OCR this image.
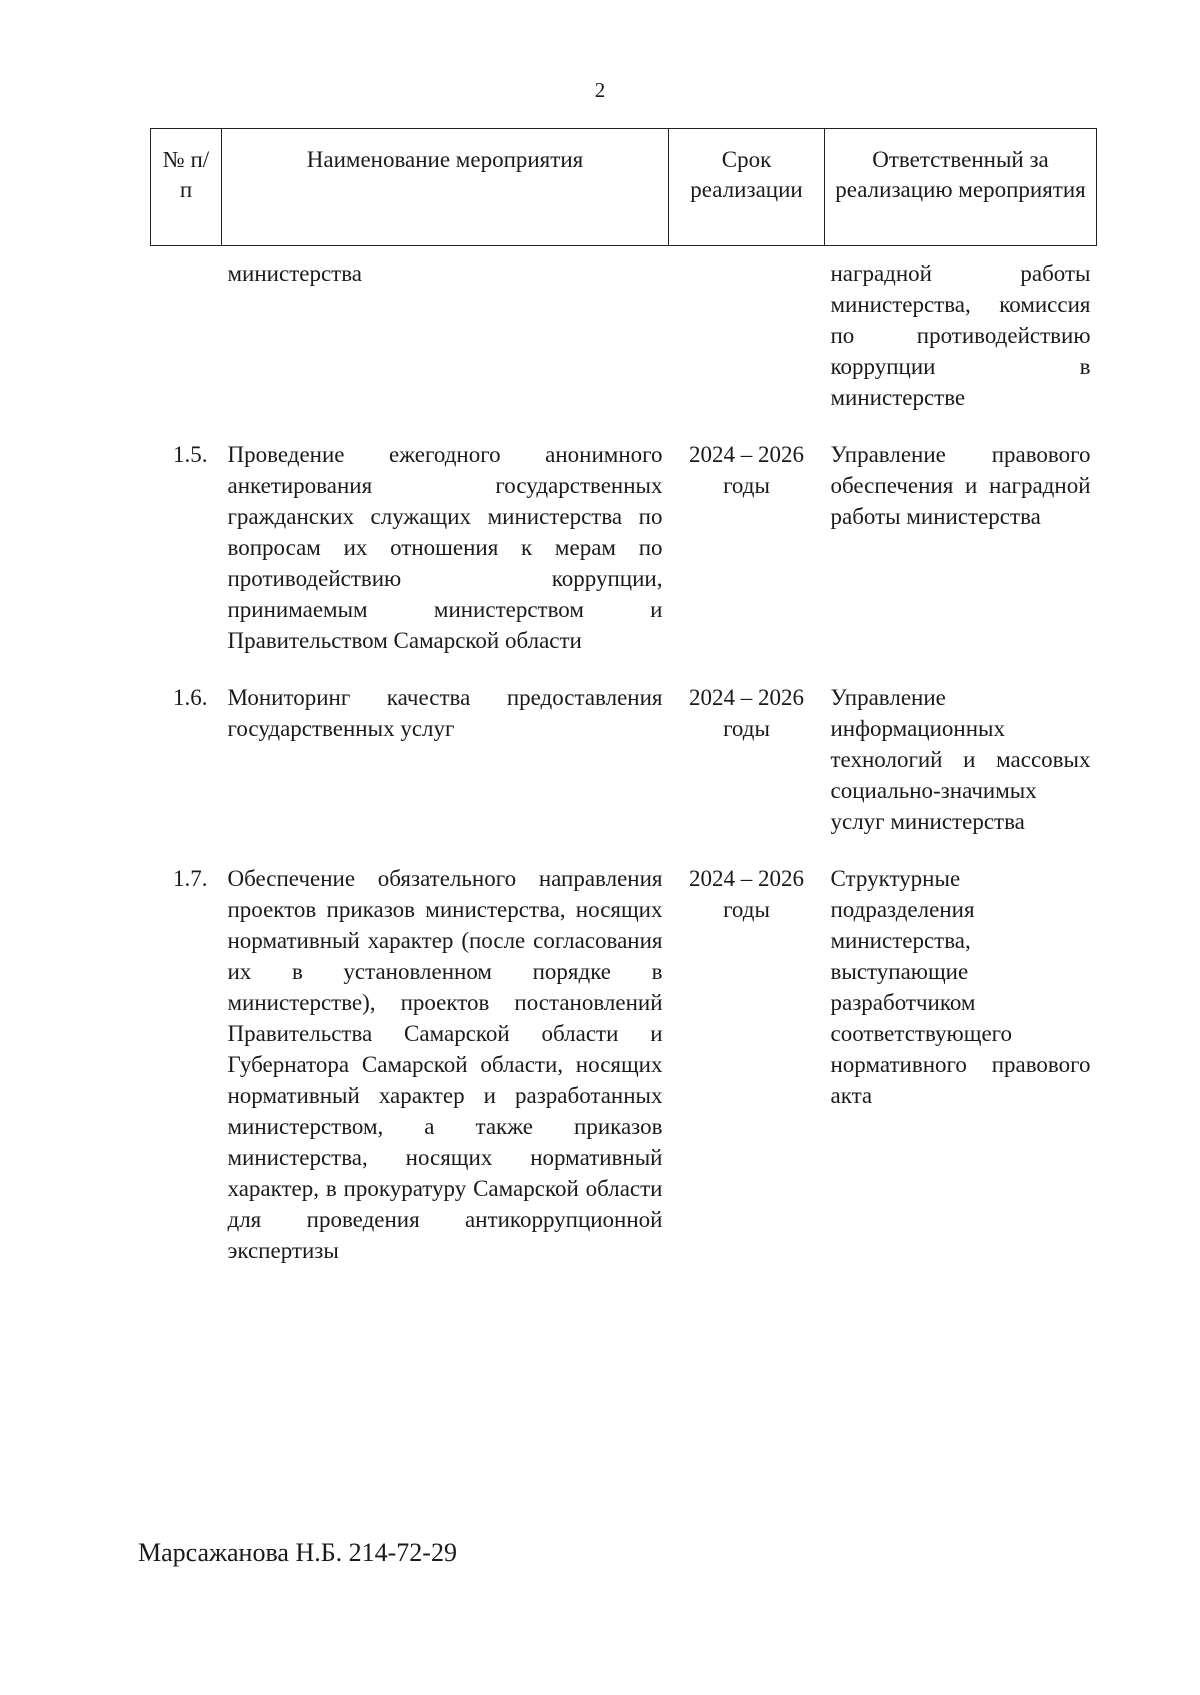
2
№ п/п	Наименование мероприятия	Срок реализации	Ответственный за реализацию мероприятия
	министерства		наградной работы министерства, комиссия по противодействию коррупции в министерстве
1.5.	Проведение ежегодного анонимного анкетирования государственных гражданских служащих министерства по вопросам их отношения к мерам по противодействию коррупции, принимаемым министерством и Правительством Самарской области	2024 – 2026 годы	Управление правового обеспечения и наградной работы министерства
1.6.	Мониторинг качества предоставления государственных услуг	2024 – 2026 годы	Управление информационных технологий и массовых социально-значимых услуг министерства
1.7.	Обеспечение обязательного направления проектов приказов министерства, носящих нормативный характер (после согласования их в установленном порядке в министерстве), проектов постановлений Правительства Самарской области и Губернатора Самарской области, носящих нормативный характер и разработанных министерством, а также приказов министерства, носящих нормативный характер, в прокуратуру Самарской области для проведения антикоррупционной экспертизы	2024 – 2026 годы	Структурные подразделения министерства, выступающие разработчиком соответствующего нормативного правового акта
Марсажанова Н.Б. 214-72-29
